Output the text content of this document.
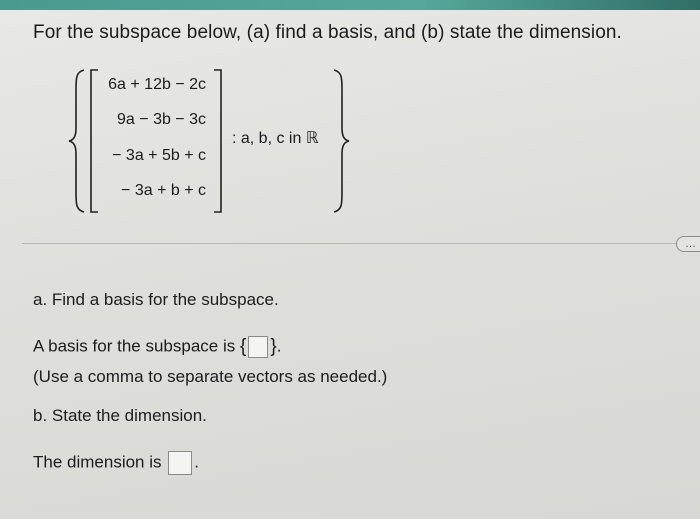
For the subspace below, (a) find a basis, and (b) state the dimension.
6a + 12b − 2c
9a − 3b − 3c
− 3a + 5b + c
− 3a + b + c
: a, b, c in ℝ
…
a. Find a basis for the subspace.
A basis for the subspace is { }.
(Use a comma to separate vectors as needed.)
b. State the dimension.
The dimension is .
